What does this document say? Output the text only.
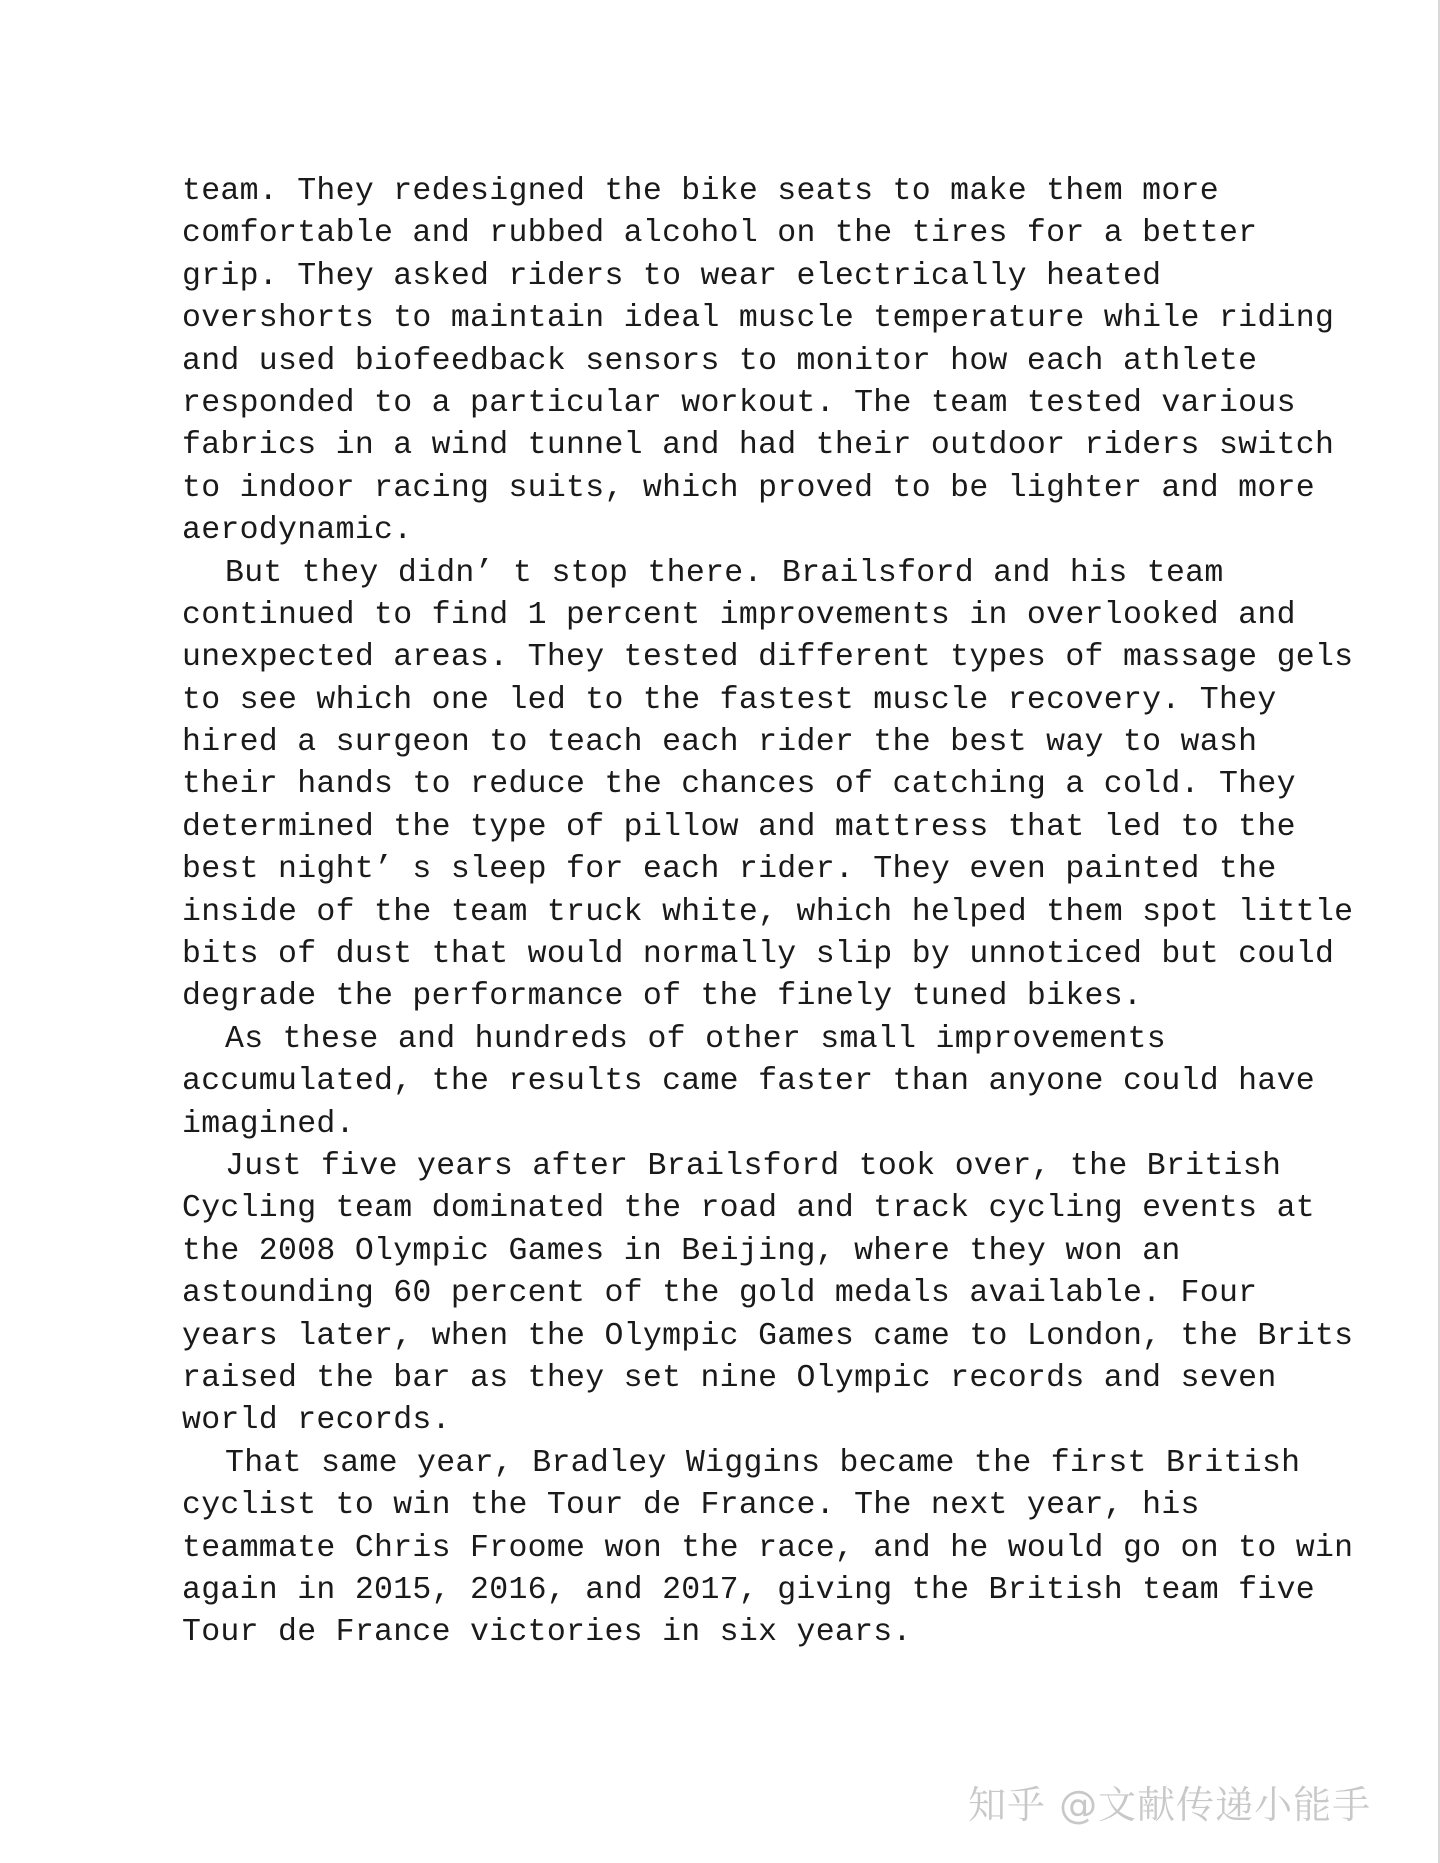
team. They redesigned the bike seats to make them more
comfortable and rubbed alcohol on the tires for a better
grip. They asked riders to wear electrically heated
overshorts to maintain ideal muscle temperature while riding
and used biofeedback sensors to monitor how each athlete
responded to a particular workout. The team tested various
fabrics in a wind tunnel and had their outdoor riders switch
to indoor racing suits, which proved to be lighter and more
aerodynamic.
But they didn’ t stop there. Brailsford and his team
continued to find 1 percent improvements in overlooked and
unexpected areas. They tested different types of massage gels
to see which one led to the fastest muscle recovery. They
hired a surgeon to teach each rider the best way to wash
their hands to reduce the chances of catching a cold. They
determined the type of pillow and mattress that led to the
best night’ s sleep for each rider. They even painted the
inside of the team truck white, which helped them spot little
bits of dust that would normally slip by unnoticed but could
degrade the performance of the finely tuned bikes.
As these and hundreds of other small improvements
accumulated, the results came faster than anyone could have
imagined.
Just five years after Brailsford took over, the British
Cycling team dominated the road and track cycling events at
the 2008 Olympic Games in Beijing, where they won an
astounding 60 percent of the gold medals available. Four
years later, when the Olympic Games came to London, the Brits
raised the bar as they set nine Olympic records and seven
world records.
That same year, Bradley Wiggins became the first British
cyclist to win the Tour de France. The next year, his
teammate Chris Froome won the race, and he would go on to win
again in 2015, 2016, and 2017, giving the British team five
Tour de France victories in six years.
知乎 @文献传递小能手
